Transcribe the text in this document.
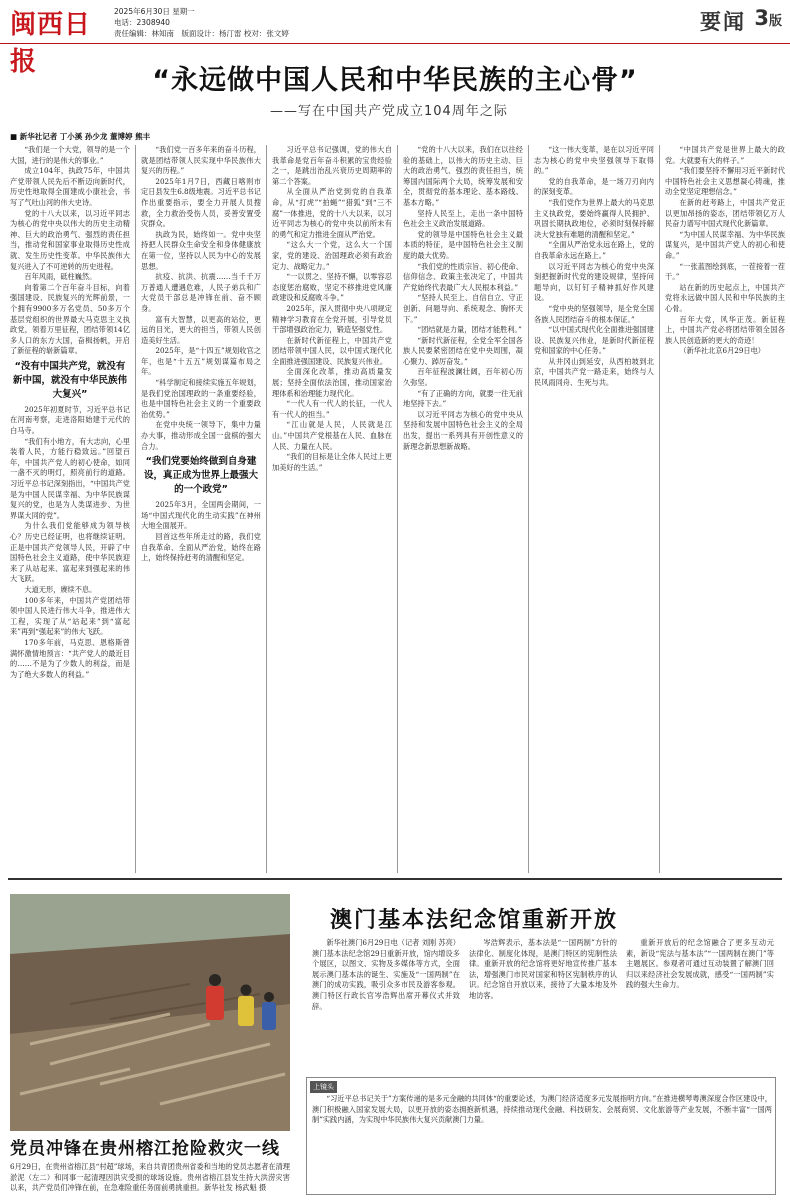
闽西日报
2025年6月30日 星期一
电话：2308940
责任编辑：林知南　版面设计：杨汀雷 校对：张文婷	要闻 3版
“永远做中国人民和中华民族的主心骨”
——写在中国共产党成立104周年之际
■ 新华社记者 丁小溪 孙少龙 董博婷 熊丰

“我们是一个大党，领导的是一个大国，进行的是伟大的事业。”

成立104年，执政75年，中国共产党带领人民先后不断迈向新时代，历史性地取得全面建成小康社会，书写了气吐山河的伟大史诗。

党的十八大以来，以习近平同志为核心的党中央以伟大的历史主动精神、巨大的政治勇气、强烈的责任担当，推动党和国家事业取得历史性成就、发生历史性变革。中华民族伟大复兴进入了不可逆转的历史进程。

百年风雨，砥柱巍然。

向着第二个百年奋斗目标，向着强国建设、民族复兴的光辉前景，一个拥有9900多万名党员、50多万个基层党组织的世界最大马克思主义执政党，领着万里征程，团结带领14亿多人口的东方大国，奋楫扬帆，开启了新征程的崭新篇章。

“没有中国共产党，就没有新中国，就没有中华民族伟大复兴”

2025年初夏时节，习近平总书记在河南考察，走进洛阳始建于元代的白马寺。

“我们有小地方，有大志向，心里装着人民，方能行稳致远。”回望百年，中国共产党人的初心使命，如同一盏不灭的明灯，照亮前行的道路。习近平总书记深刻指出，“中国共产党是为中国人民谋幸福、为中华民族谋复兴的党，也是为人类谋进步、为世界谋大同的党”。

为什么我们党能够成为领导核心？历史已经证明，也将继续证明。正是中国共产党领导人民，开辟了中国特色社会主义道路，使中华民族迎来了从站起来、富起来到强起来的伟大飞跃。

大道无形，赓续不息。

100多年来，中国共产党团结带领中国人民进行伟大斗争，推进伟大工程，实现了从“站起来”到“富起来”再到“强起来”的伟大飞跃。

170多年前，马克思、恩格斯曾满怀激情地预言：“共产党人的最近目的……不是为了少数人的利益，而是为了绝大多数人的利益。”

“我们党一百多年来的奋斗历程，就是团结带领人民实现中华民族伟大复兴的历程。”

2025年1月7日，西藏日喀则市定日县发生6.8级地震。习近平总书记作出重要指示，要全力开展人员搜救，全力救治受伤人员，妥善安置受灾群众。

执政为民，始终如一。党中央坚持把人民群众生命安全和身体健康放在第一位，坚持以人民为中心的发展思想。

抗疫、抗洪、抗震……当千千万万普通人遭遇危难，人民子弟兵和广大党员干部总是冲锋在前、奋不顾身。

富有大智慧，以更高的站位，更远的目光，更大的担当，带领人民创造美好生活。

2025年，是“十四五”规划收官之年，也是“十五五”规划谋篇布局之年。

“科学制定和接续实施五年规划，是我们党治国理政的一条重要经验，也是中国特色社会主义的一个重要政治优势。”

在党中央统一领导下，集中力量办大事，推动形成全国一盘棋的强大合力。

“我们党要始终做到自身建设，真正成为世界上最强大的一个政党”

2025年3月，全国两会期间，一场“中国式现代化的生动实践”在神州大地全面展开。

回首这些年所走过的路，我们党自我革命、全面从严治党，始终在路上，始终保持赶考的清醒和坚定。

习近平总书记强调，党的伟大自我革命是党百年奋斗积累的宝贵经验之一，是跳出治乱兴衰历史周期率的第二个答案。

从全面从严治党到党的自我革命，从“打虎”“拍蝇”“猎狐”到“三不腐”一体推进，党的十八大以来，以习近平同志为核心的党中央以前所未有的勇气和定力推进全面从严治党。

“这么大一个党，这么大一个国家，党的建设、治国理政必须有政治定力、战略定力。”

“一以贯之、坚持不懈，以零容忍态度惩治腐败，坚定不移推进党风廉政建设和反腐败斗争。”

2025年，深入贯彻中央八项规定精神学习教育在全党开展，引导党员干部增强政治定力，锻造坚强党性。

在新时代新征程上，中国共产党团结带领中国人民，以中国式现代化全面推进强国建设、民族复兴伟业。

全面深化改革，推动高质量发展；坚持全面依法治国，推动国家治理体系和治理能力现代化。

“一代人有一代人的长征，一代人有一代人的担当。”

“江山就是人民，人民就是江山。”中国共产党根基在人民、血脉在人民、力量在人民。

“我们的目标是让全体人民过上更加美好的生活。”

“党的十八大以来，我们在以往经验的基础上，以伟大的历史主动、巨大的政治勇气、强烈的责任担当，统筹国内国际两个大局，统筹发展和安全，贯彻党的基本理论、基本路线、基本方略。”

坚持人民至上，走出一条中国特色社会主义政治发展道路。

党的领导是中国特色社会主义最本质的特征，是中国特色社会主义制度的最大优势。

“我们党的性质宗旨、初心使命、信仰信念、政策主张决定了，中国共产党始终代表最广大人民根本利益。”

“坚持人民至上、自信自立、守正创新、问题导向、系统观念、胸怀天下。”

“团结就是力量，团结才能胜利。”

“新时代新征程，全党全军全国各族人民要紧密团结在党中央周围，凝心聚力、踔厉奋发。”

百年征程波澜壮阔，百年初心历久弥坚。

“有了正确的方向，就要一往无前地坚持下去。”

以习近平同志为核心的党中央从坚持和发展中国特色社会主义的全局出发，提出一系列具有开创性意义的新理念新思想新战略。

“这一伟大变革，是在以习近平同志为核心的党中央坚强领导下取得的。”

党的自我革命，是一场刀刃向内的深刻变革。

“我们党作为世界上最大的马克思主义执政党，要始终赢得人民拥护、巩固长期执政地位，必须时刻保持解决大党独有难题的清醒和坚定。”

“全面从严治党永远在路上，党的自我革命永远在路上。”

以习近平同志为核心的党中央深刻把握新时代党的建设规律，坚持问题导向，以钉钉子精神抓好作风建设。

“党中央的坚强领导，是全党全国各族人民团结奋斗的根本保证。”

“以中国式现代化全面推进强国建设、民族复兴伟业，是新时代新征程党和国家的中心任务。”

从井冈山到延安，从西柏坡到北京，中国共产党一路走来，始终与人民风雨同舟、生死与共。

“中国共产党是世界上最大的政党。大就要有大的样子。”

“我们要坚持不懈用习近平新时代中国特色社会主义思想凝心铸魂，推动全党坚定理想信念。”

在新的赶考路上，中国共产党正以更加昂扬的姿态，团结带领亿万人民奋力谱写中国式现代化新篇章。

“为中国人民谋幸福、为中华民族谋复兴，是中国共产党人的初心和使命。”

“一张蓝图绘到底，一茬接着一茬干。”

站在新的历史起点上，中国共产党将永远做中国人民和中华民族的主心骨。

百年大党，风华正茂。新征程上，中国共产党必将团结带领全国各族人民创造新的更大的奇迹！

（新华社北京6月29日电）

党员冲锋在贵州榕江抢险救灾一线
6月29日，在贵州省榕江县“村超”球场，来自共青团贵州省委和当地的党员志愿者在清理淤泥（左二）和同事一起清理因洪灾受损的球场设施。贵州省榕江县发生持大洪涝灾害以来，共产党员们冲锋在前，在急难险重任务面前勇挑重担。新华社发 杨武魁 摄
澳门基本法纪念馆重新开放

新华社澳门6月29日电（记者 刘刚 苏亮）澳门基本法纪念馆29日重新开放，馆内增设多个展区，以图文、实物及多媒体等方式，全面展示澳门基本法的诞生、实施及“一国两制”在澳门的成功实践，吸引众多市民及游客参观。澳门特区行政长官岑浩辉出席开幕仪式并致辞。

岑浩辉表示，基本法是“一国两制”方针的法律化、制度化体现，是澳门特区的宪制性法律。重新开放的纪念馆将更好地宣传推广基本法，增强澳门市民对国家和特区宪制秩序的认识。纪念馆自开放以来，接待了大量本地及外地访客。

重新开放后的纪念馆融合了更多互动元素，新设“宪法与基本法”“一国两制在澳门”等主题展区。参观者可通过互动装置了解澳门回归以来经济社会发展成就，感受“一国两制”实践的强大生命力。

上镜头

“习近平总书记关于”方案传递的是多元金融的共同体“的重要论述，为澳门经济适度多元发展指明方向。”在推进横琴粤澳深度合作区建设中，澳门积极融入国家发展大局，以更开放的姿态拥抱新机遇，持续推动现代金融、科技研发、会展商贸、文化旅游等产业发展，不断丰富“一国两制”实践内涵，为实现中华民族伟大复兴贡献澳门力量。
